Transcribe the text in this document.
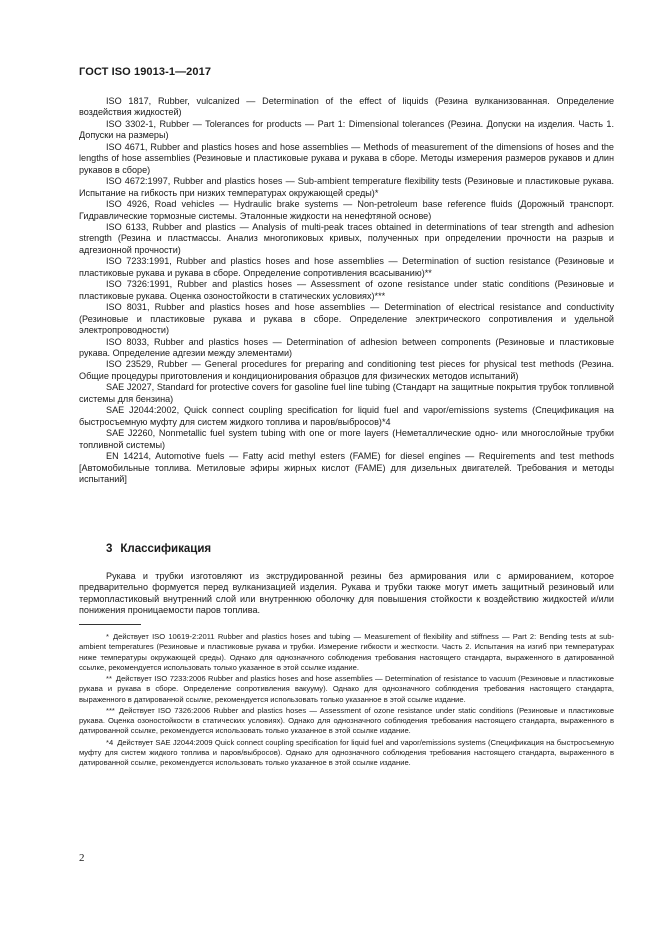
ГОСТ ISO 19013-1—2017

ISO 1817, Rubber, vulcanized — Determination of the effect of liquids (Резина вулканизованная. Определение воздействия жидкостей)

ISO 3302-1, Rubber — Tolerances for products — Part 1: Dimensional tolerances (Резина. Допуски на изделия. Часть 1. Допуски на размеры)

ISO 4671, Rubber and plastics hoses and hose assemblies — Methods of measurement of the dimensions of hoses and the lengths of hose assemblies (Резиновые и пластиковые рукава и рукава в сборе. Методы измерения размеров рукавов и длин рукавов в сборе)

ISO 4672:1997, Rubber and plastics hoses — Sub-ambient temperature flexibility tests (Резиновые и пластиковые рукава. Испытание на гибкость при низких температурах окружающей среды)*

ISO 4926, Road vehicles — Hydraulic brake systems — Non-petroleum base reference fluids (Дорожный транспорт. Гидравлические тормозные системы. Эталонные жидкости на ненефтяной основе)

ISO 6133, Rubber and plastics — Analysis of multi-peak traces obtained in determinations of tear strength and adhesion strength (Резина и пластмассы. Анализ многопиковых кривых, полученных при определении прочности на разрыв и адгезионной прочности)

ISO 7233:1991, Rubber and plastics hoses and hose assemblies — Determination of suction resistance (Резиновые и пластиковые рукава и рукава в сборе. Определение сопротивления всасыванию)**

ISO 7326:1991, Rubber and plastics hoses — Assessment of ozone resistance under static conditions (Резиновые и пластиковые рукава. Оценка озоностойкости в статических условиях)***

ISO 8031, Rubber and plastics hoses and hose assemblies — Determination of electrical resistance and conductivity (Резиновые и пластиковые рукава и рукава в сборе. Определение электрического сопротивления и удельной электропроводности)

ISO 8033, Rubber and plastics hoses — Determination of adhesion between components (Резиновые и пластиковые рукава. Определение адгезии между элементами)

ISO 23529, Rubber — General procedures for preparing and conditioning test pieces for physical test methods (Резина. Общие процедуры приготовления и кондиционирования образцов для физических методов испытаний)

SAE J2027, Standard for protective covers for gasoline fuel line tubing (Стандарт на защитные покрытия трубок топливной системы для бензина)

SAE J2044:2002, Quick connect coupling specification for liquid fuel and vapor/emissions systems (Спецификация на быстросъемную муфту для систем жидкого топлива и паров/выбросов)*4

SAE J2260, Nonmetallic fuel system tubing with one or more layers (Неметаллические одно- или многослойные трубки топливной системы)

EN 14214, Automotive fuels — Fatty acid methyl esters (FAME) for diesel engines — Requirements and test methods [Автомобильные топлива. Метиловые эфиры жирных кислот (FAME) для дизельных двигателей. Требования и методы испытаний]

3 Классификация

Рукава и трубки изготовляют из экструдированной резины без армирования или с армированием, которое предварительно формуется перед вулканизацией изделия. Рукава и трубки также могут иметь защитный резиновый или термопластиковый внутренний слой или внутреннюю оболочку для повышения стойкости к воздействию жидкостей и/или понижения проницаемости паров топлива.

* Действует ISO 10619-2:2011 Rubber and plastics hoses and tubing — Measurement of flexibility and stiffness — Part 2: Bending tests at sub-ambient temperatures (Резиновые и пластиковые рукава и трубки. Измерение гибкости и жесткости. Часть 2. Испытания на изгиб при температурах ниже температуры окружающей среды). Однако для однозначного соблюдения требования настоящего стандарта, выраженного в датированной ссылке, рекомендуется использовать только указанное в этой ссылке издание.

** Действует ISO 7233:2006 Rubber and plastics hoses and hose assemblies — Determination of resistance to vacuum (Резиновые и пластиковые рукава и рукава в сборе. Определение сопротивления вакууму). Однако для однозначного соблюдения требования настоящего стандарта, выраженного в датированной ссылке, рекомендуется использовать только указанное в этой ссылке издание.

*** Действует ISO 7326:2006 Rubber and plastics hoses — Assessment of ozone resistance under static conditions (Резиновые и пластиковые рукава. Оценка озоностойкости в статических условиях). Однако для однозначного соблюдения требования настоящего стандарта, выраженного в датированной ссылке, рекомендуется использовать только указанное в этой ссылке издание.

*4 Действует SAE J2044:2009 Quick connect coupling specification for liquid fuel and vapor/emissions systems (Спецификация на быстросъемную муфту для систем жидкого топлива и паров/выбросов). Однако для однозначного соблюдения требования настоящего стандарта, выраженного в датированной ссылке, рекомендуется использовать только указанное в этой ссылке издание.

2
